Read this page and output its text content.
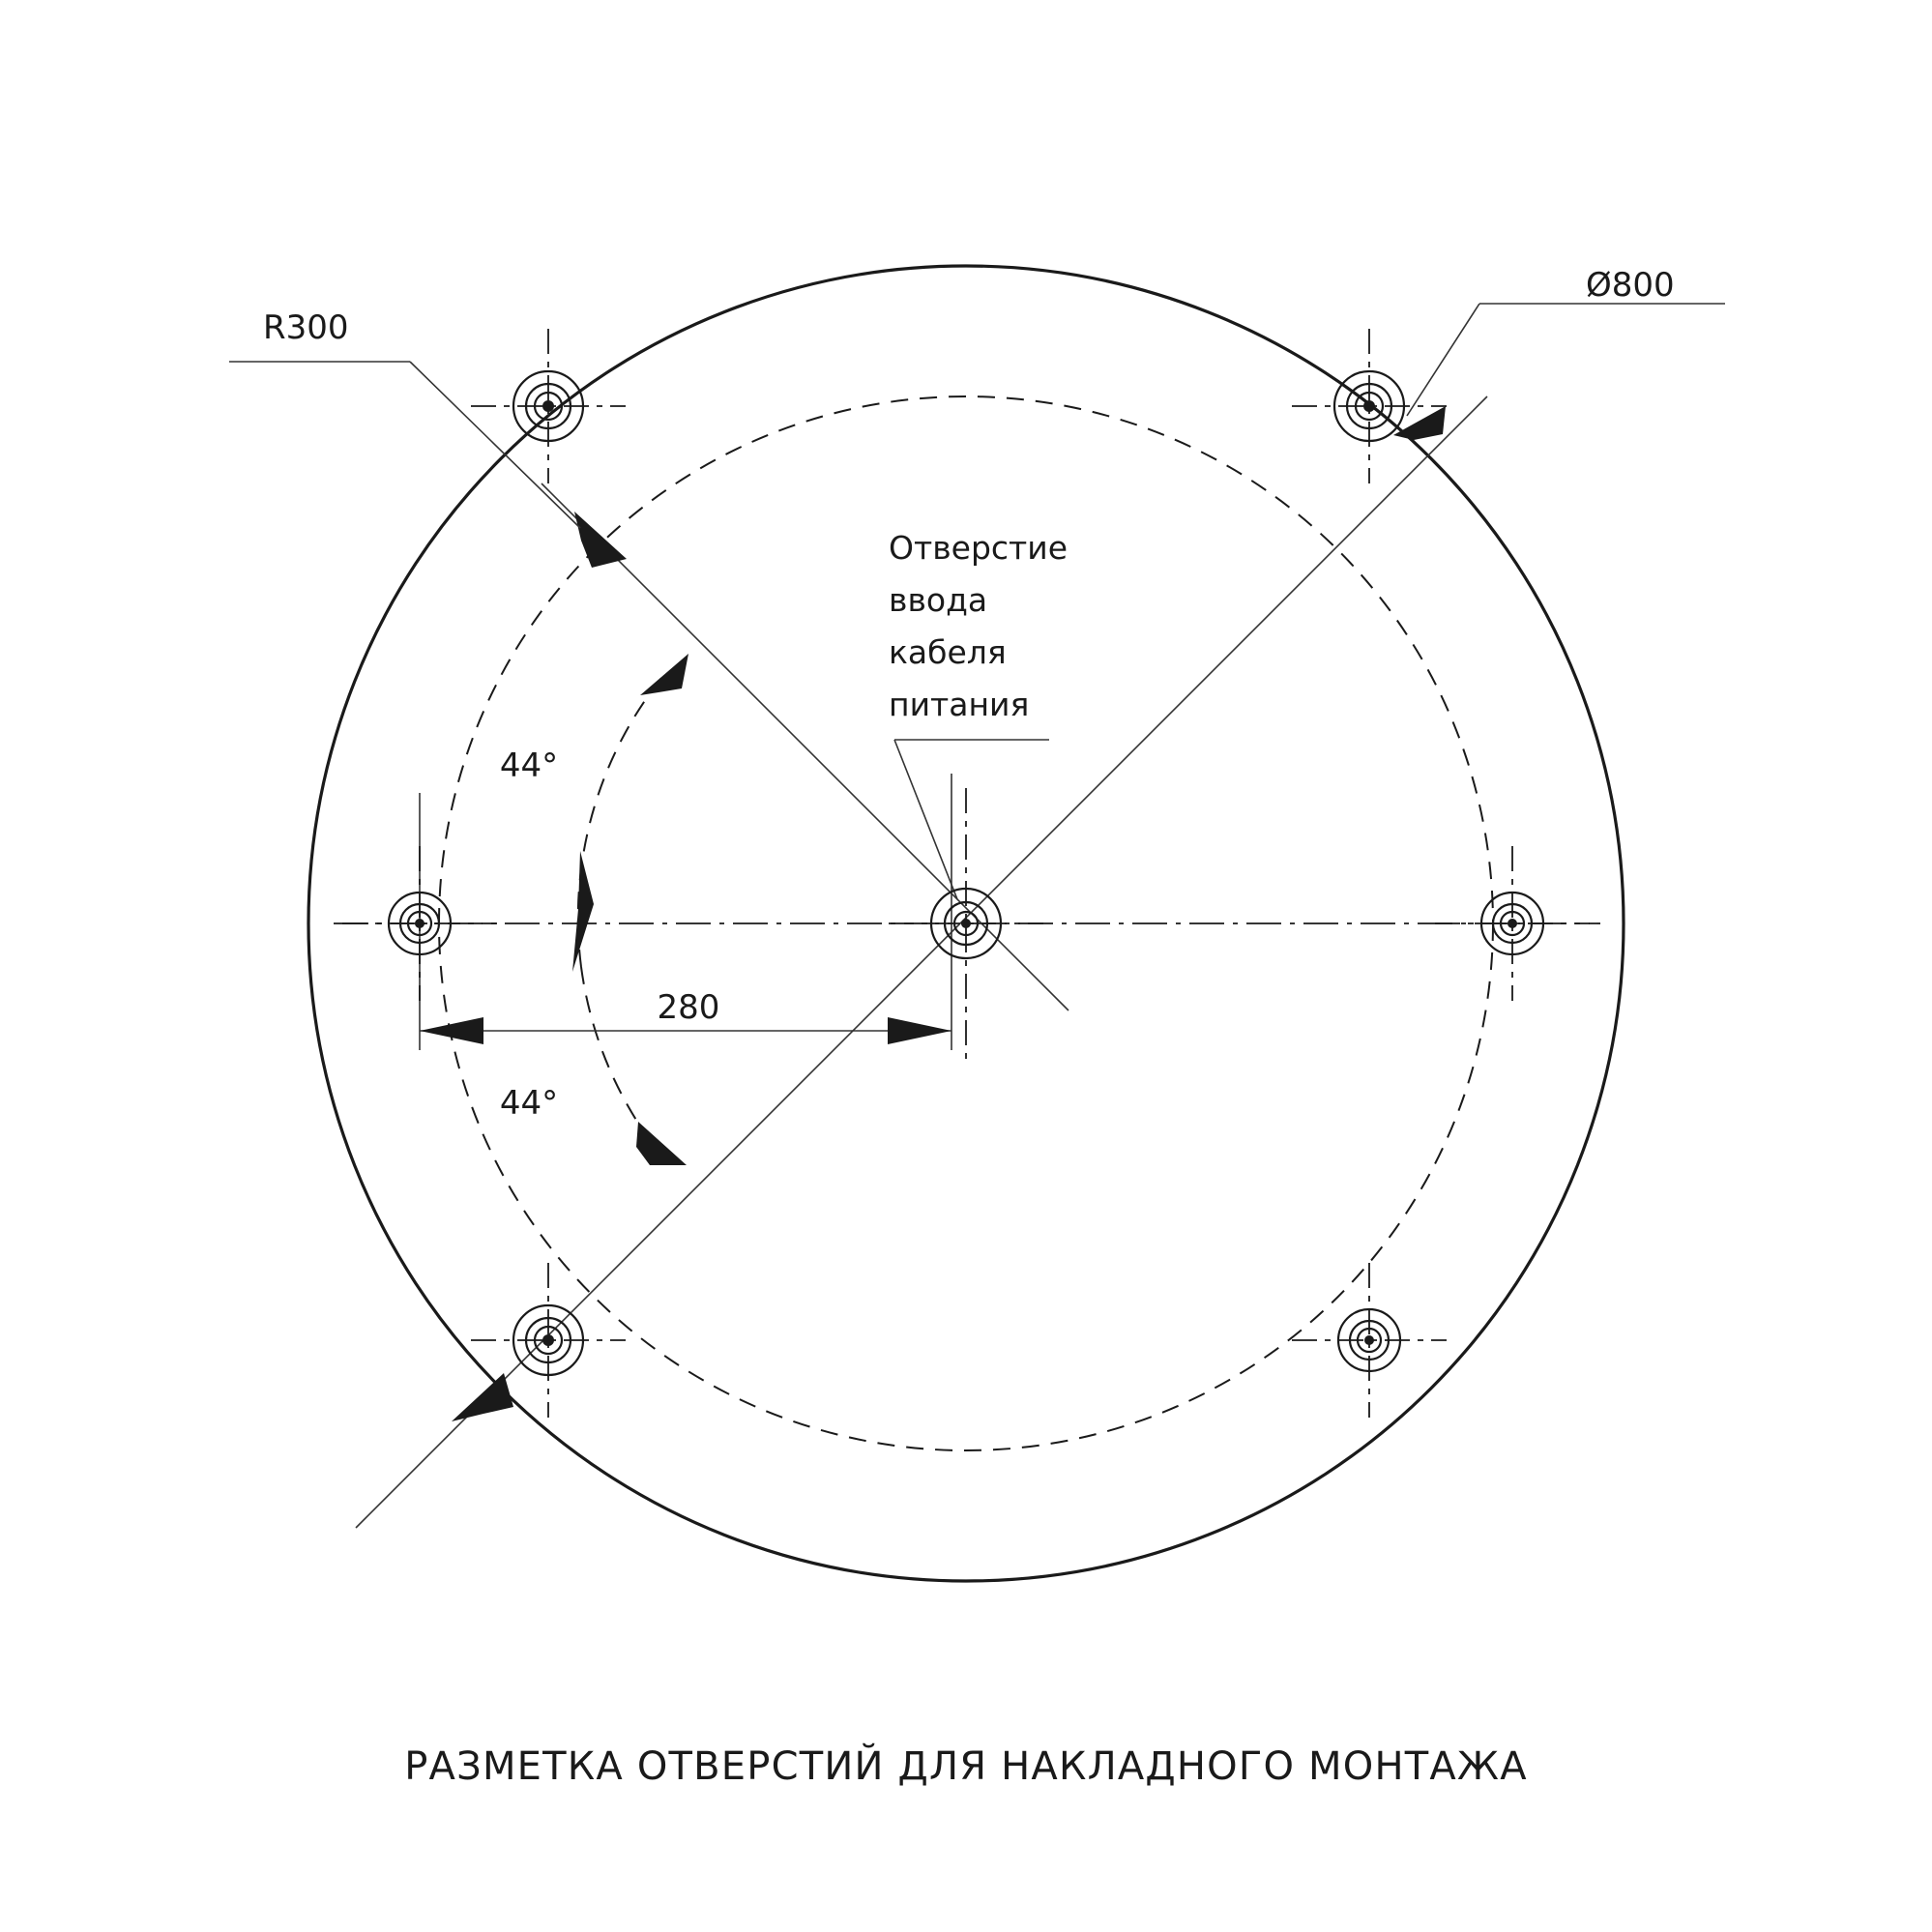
R300
Ø800
44°
44°
280
Отверстие
ввода
кабеля
питания
РАЗМЕТКА ОТВЕРСТИЙ ДЛЯ НАКЛАДНОГО МОНТАЖА
